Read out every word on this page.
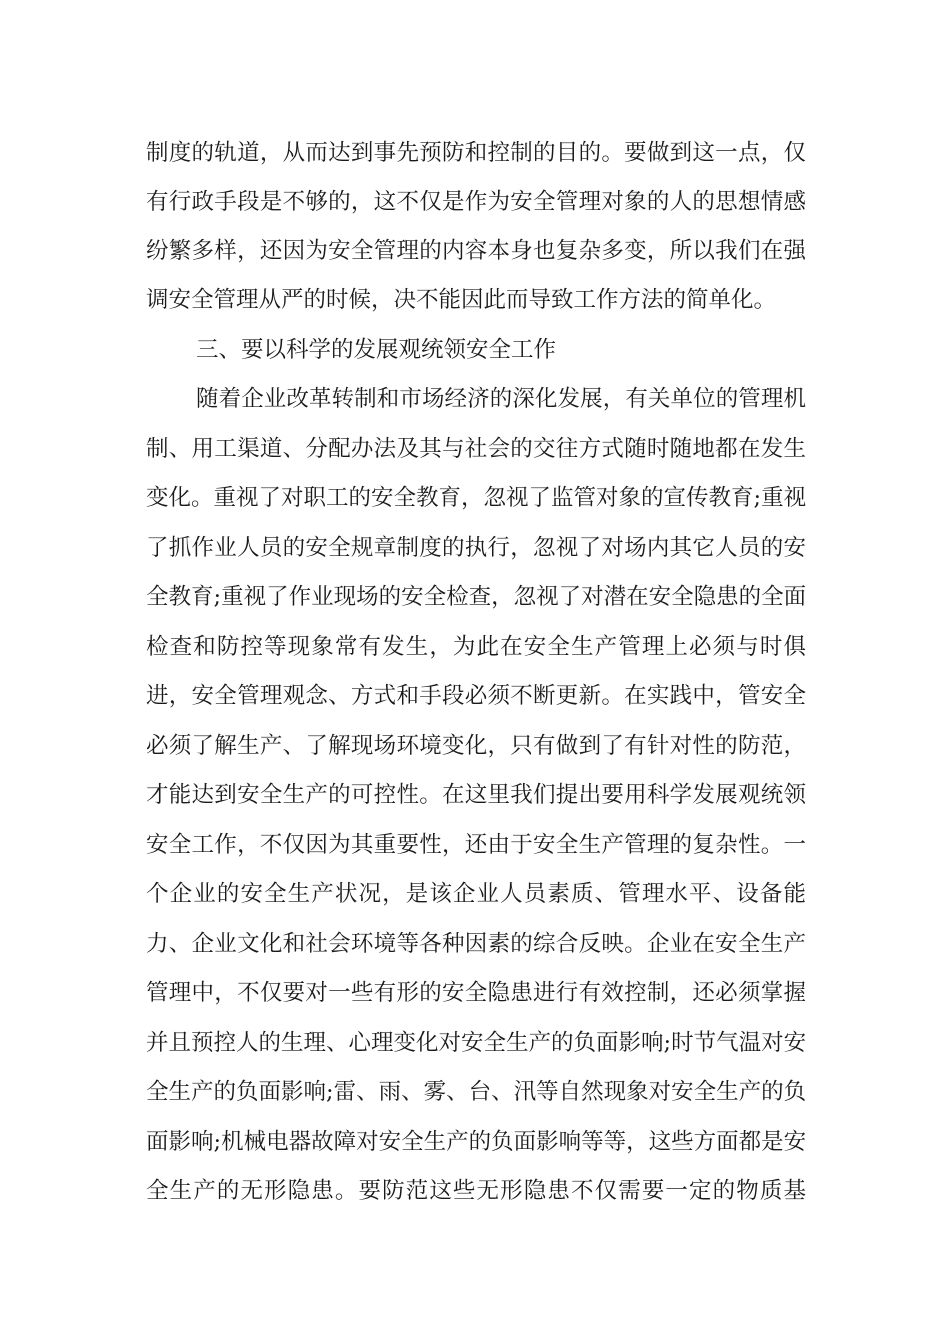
制度的轨道，从而达到事先预防和控制的目的。要做到这一点，仅
有行政手段是不够的，这不仅是作为安全管理对象的人的思想情感
纷繁多样，还因为安全管理的内容本身也复杂多变，所以我们在强
调安全管理从严的时候，决不能因此而导致工作方法的简单化。
三、要以科学的发展观统领安全工作
随着企业改革转制和市场经济的深化发展，有关单位的管理机
制、用工渠道、分配办法及其与社会的交往方式随时随地都在发生
变化。重视了对职工的安全教育，忽视了监管对象的宣传教育;重视
了抓作业人员的安全规章制度的执行，忽视了对场内其它人员的安
全教育;重视了作业现场的安全检查，忽视了对潜在安全隐患的全面
检查和防控等现象常有发生，为此在安全生产管理上必须与时俱
进，安全管理观念、方式和手段必须不断更新。在实践中，管安全
必须了解生产、了解现场环境变化，只有做到了有针对性的防范，
才能达到安全生产的可控性。在这里我们提出要用科学发展观统领
安全工作，不仅因为其重要性，还由于安全生产管理的复杂性。一
个企业的安全生产状况，是该企业人员素质、管理水平、设备能
力、企业文化和社会环境等各种因素的综合反映。企业在安全生产
管理中，不仅要对一些有形的安全隐患进行有效控制，还必须掌握
并且预控人的生理、心理变化对安全生产的负面影响;时节气温对安
全生产的负面影响;雷、雨、雾、台、汛等自然现象对安全生产的负
面影响;机械电器故障对安全生产的负面影响等等，这些方面都是安
全生产的无形隐患。要防范这些无形隐患不仅需要一定的物质基
